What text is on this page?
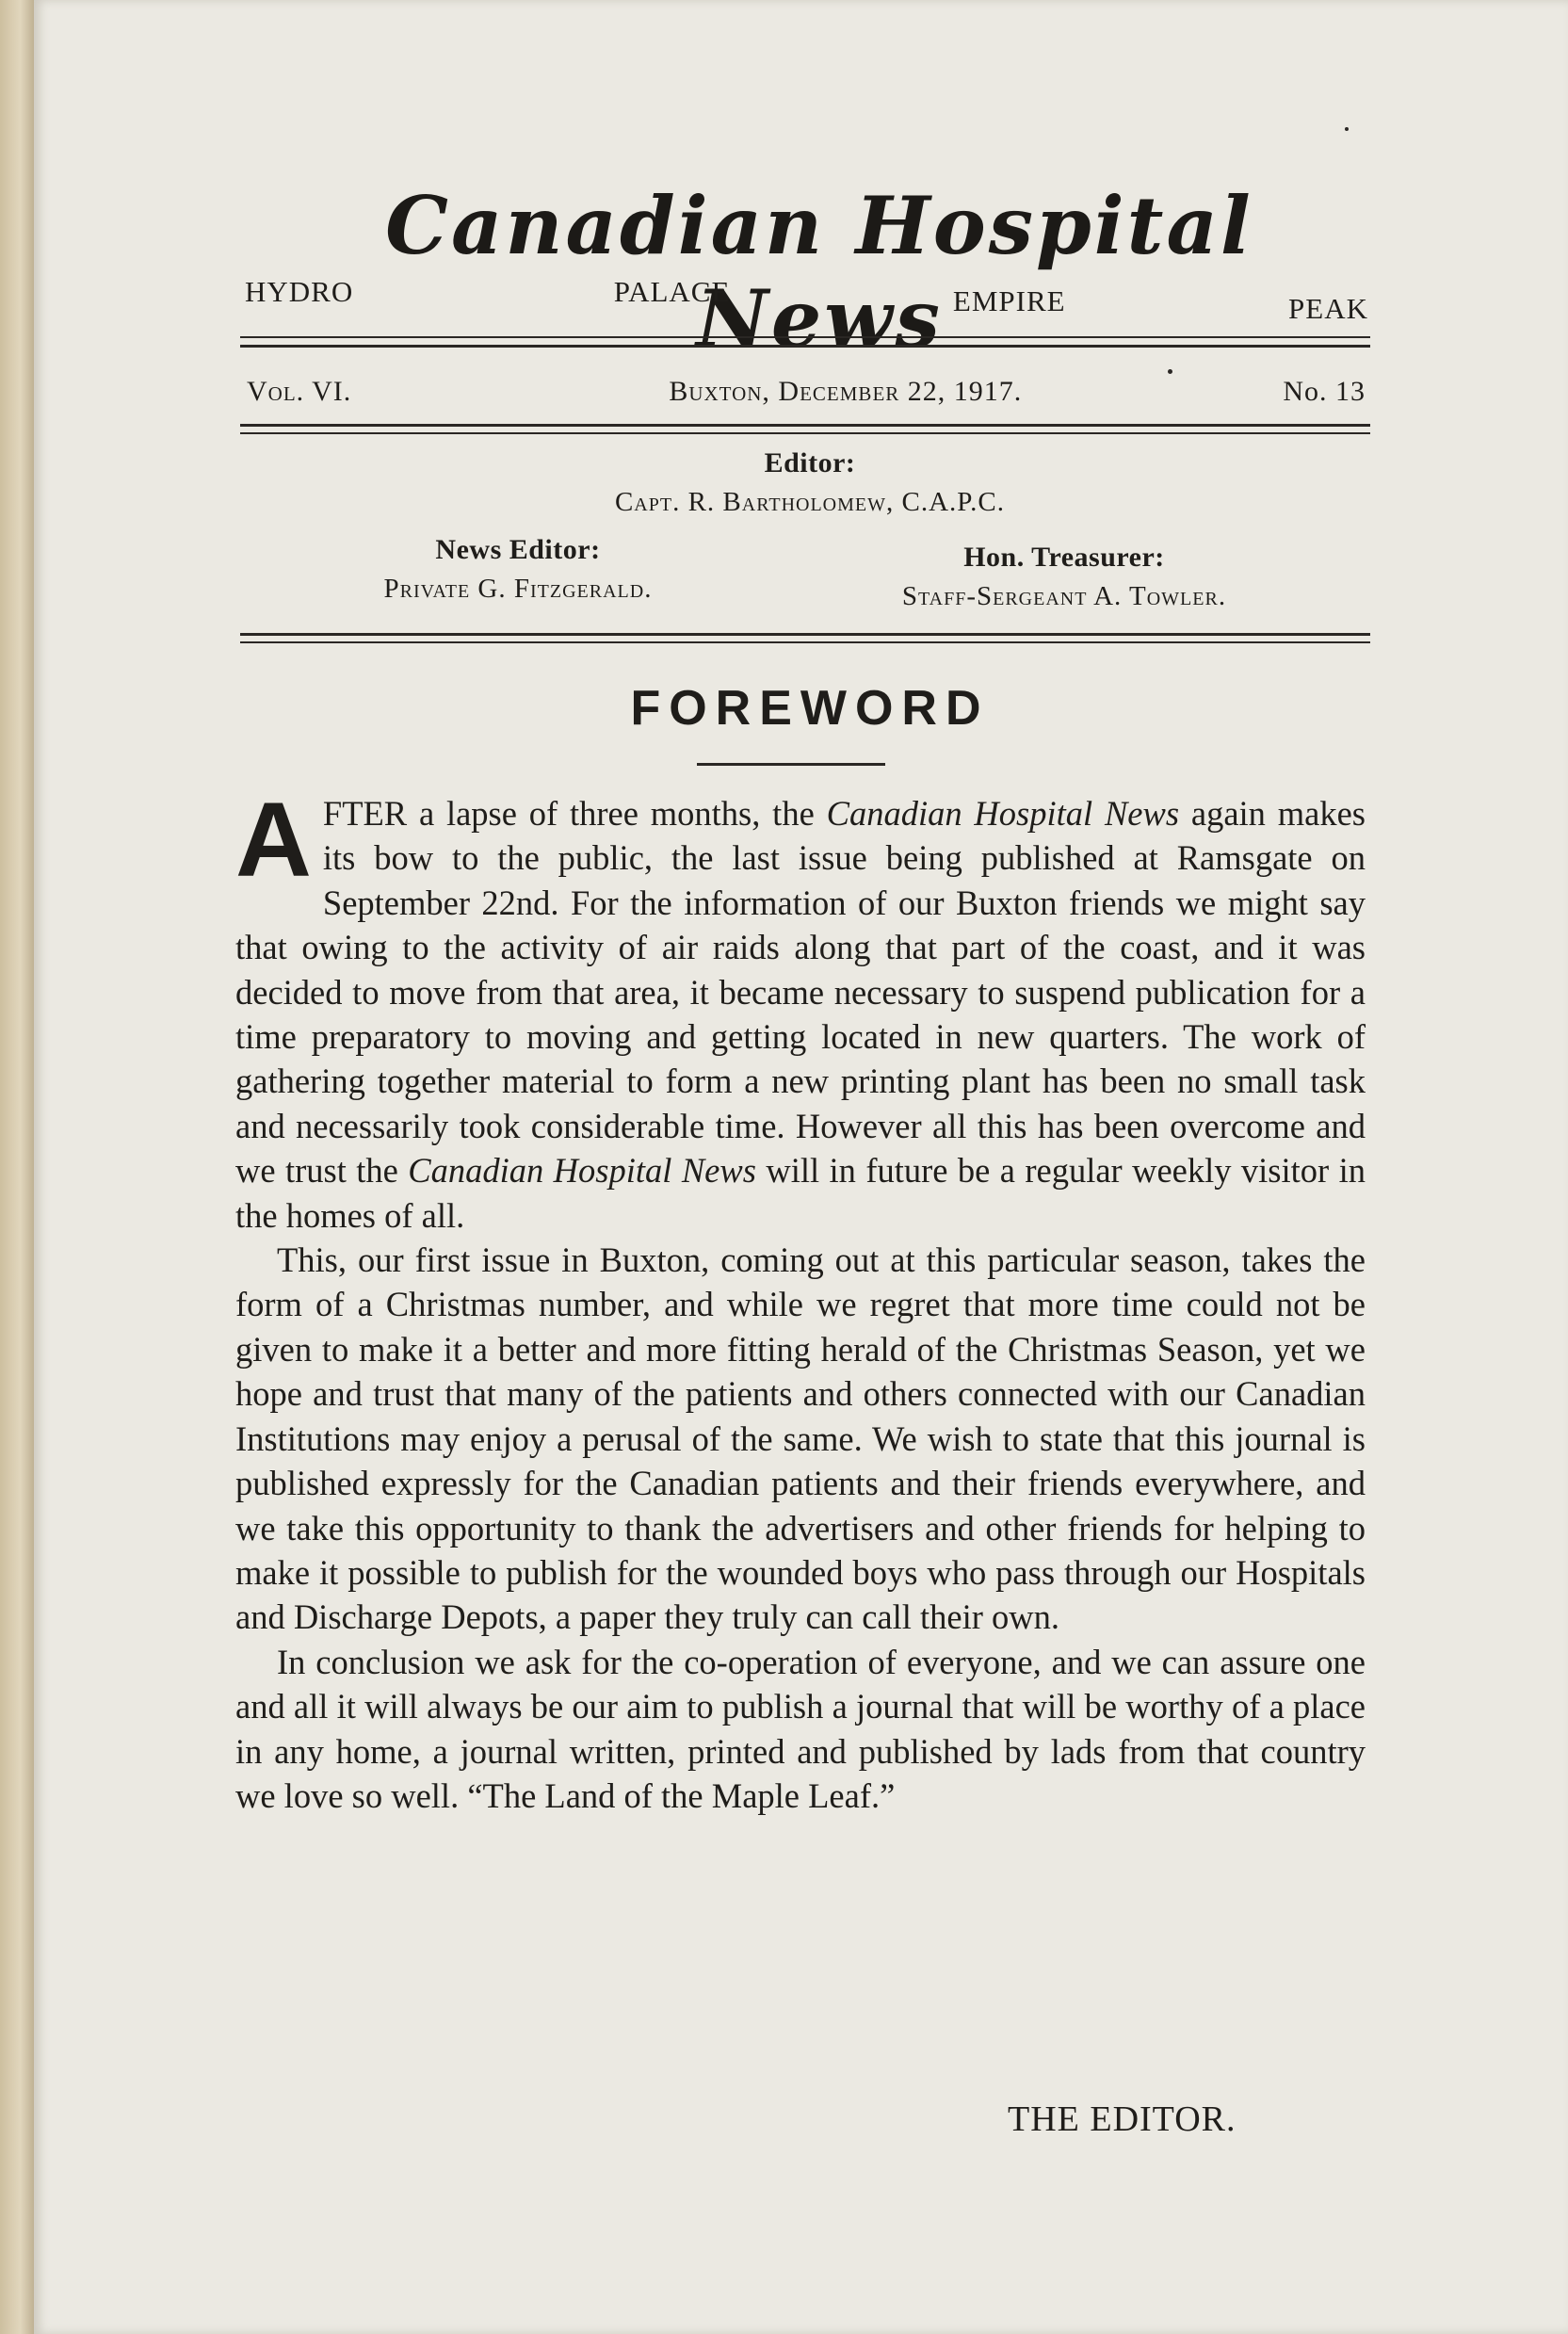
Canadian Hospital News
HYDRO	PALACE	EMPIRE	PEAK
Vol. VI.	Buxton, December 22, 1917.	No. 13
Editor:
Capt. R. Bartholomew, C.A.P.C.
News Editor:
Private G. Fitzgerald.
Hon. Treasurer:
Staff-Sergeant A. Towler.
FOREWORD

AFTER a lapse of three months, the Canadian Hospital News again makes its bow to the public, the last issue being published at Ramsgate on September 22nd. For the information of our Buxton friends we might say that owing to the activity of air raids along that part of the coast, and it was decided to move from that area, it became necessary to suspend publication for a time preparatory to moving and getting located in new quarters. The work of gathering together material to form a new printing plant has been no small task and necessarily took considerable time. However all this has been overcome and we trust the Canadian Hospital News will in future be a regular weekly visitor in the homes of all.

This, our first issue in Buxton, coming out at this particular season, takes the form of a Christmas number, and while we regret that more time could not be given to make it a better and more fitting herald of the Christmas Season, yet we hope and trust that many of the patients and others connected with our Canadian Institutions may enjoy a perusal of the same. We wish to state that this journal is published expressly for the Canadian patients and their friends everywhere, and we take this opportunity to thank the advertisers and other friends for helping to make it possible to publish for the wounded boys who pass through our Hospitals and Discharge Depots, a paper they truly can call their own.

In conclusion we ask for the co-operation of everyone, and we can assure one and all it will always be our aim to publish a journal that will be worthy of a place in any home, a journal written, printed and published by lads from that country we love so well. “The Land of the Maple Leaf.”

THE EDITOR.
